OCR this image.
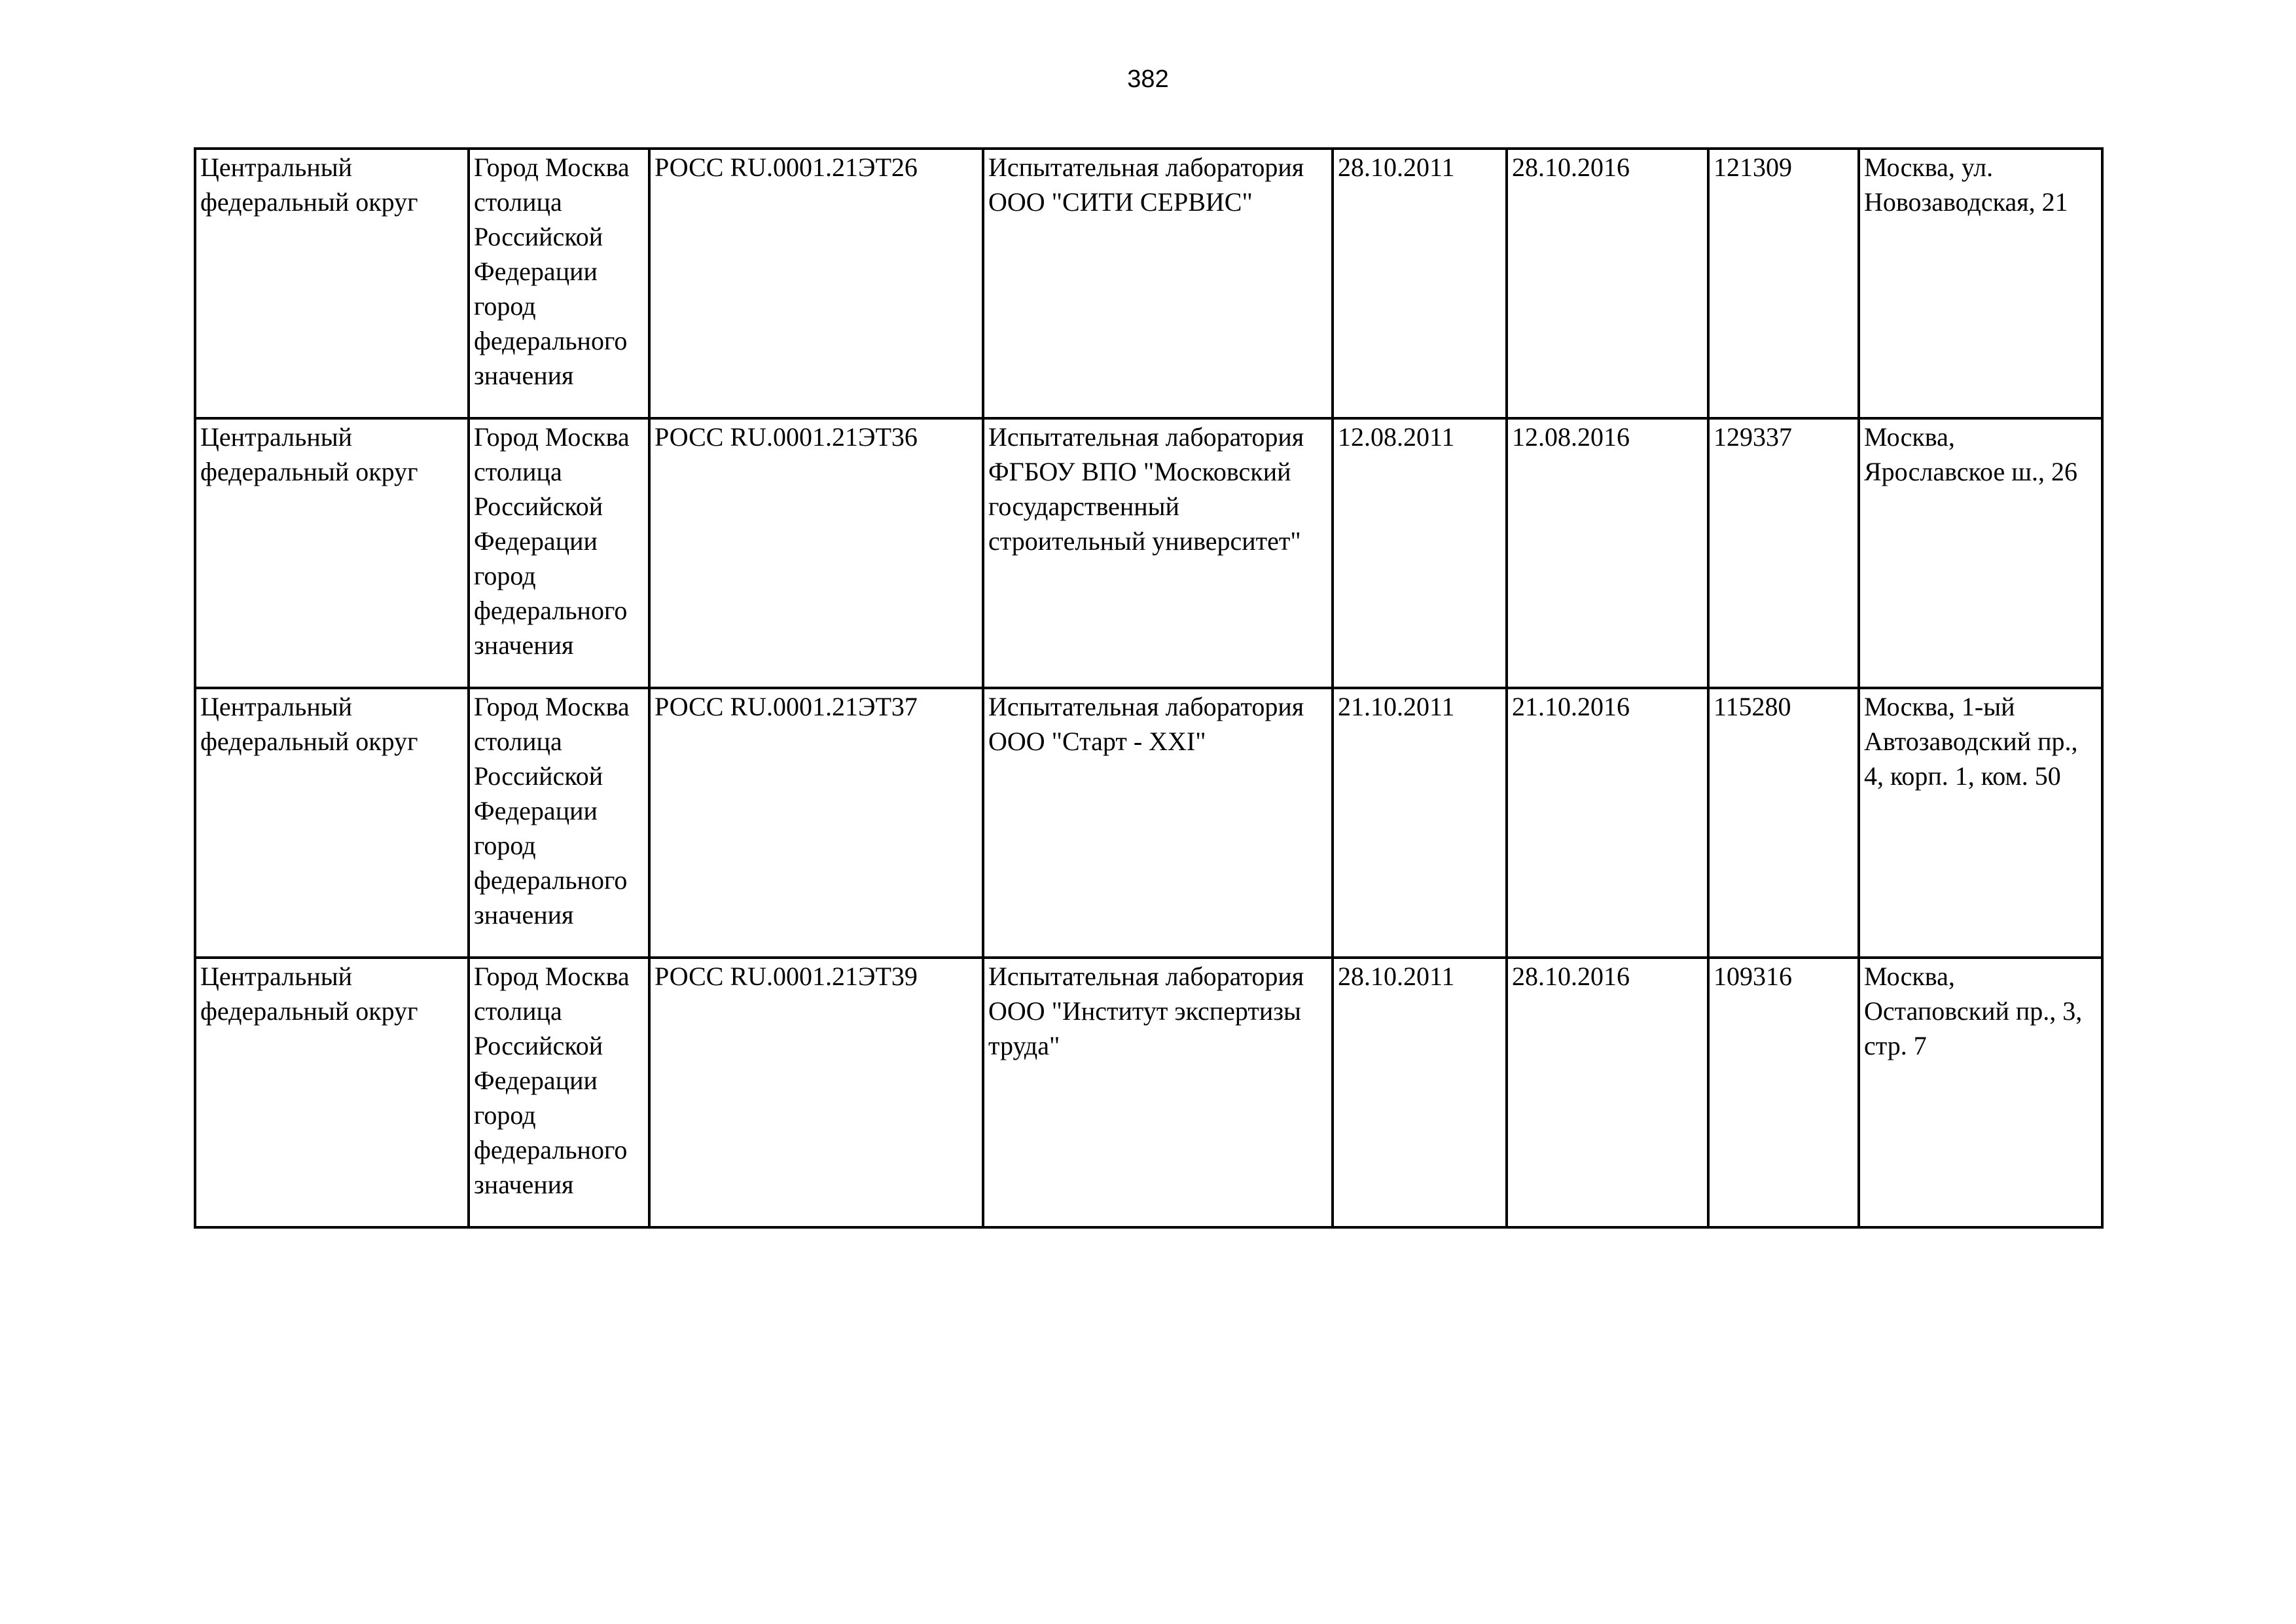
382
Центральный федеральный округ	Город Москва столица Российской Федерации город федерального значения	РОСС RU.0001.21ЭТ26	Испытательная лаборатория ООО "СИТИ СЕРВИС"	28.10.2011	28.10.2016	121309	Москва, ул. Новозаводская, 21

Центральный федеральный округ	Город Москва столица Российской Федерации город федерального значения	РОСС RU.0001.21ЭТ36	Испытательная лаборатория ФГБОУ ВПО "Московский государственный строительный университет"	12.08.2011	12.08.2016	129337	Москва, Ярославское ш., 26

Центральный федеральный округ	Город Москва столица Российской Федерации город федерального значения	РОСС RU.0001.21ЭТ37	Испытательная лаборатория ООО "Старт - XXI"	21.10.2011	21.10.2016	115280	Москва, 1-ый Автозаводский пр., 4, корп. 1, ком. 50

Центральный федеральный округ	Город Москва столица Российской Федерации город федерального значения	РОСС RU.0001.21ЭТ39	Испытательная лаборатория ООО "Институт экспертизы труда"	28.10.2011	28.10.2016	109316	Москва, Остаповский пр., 3, стр. 7
